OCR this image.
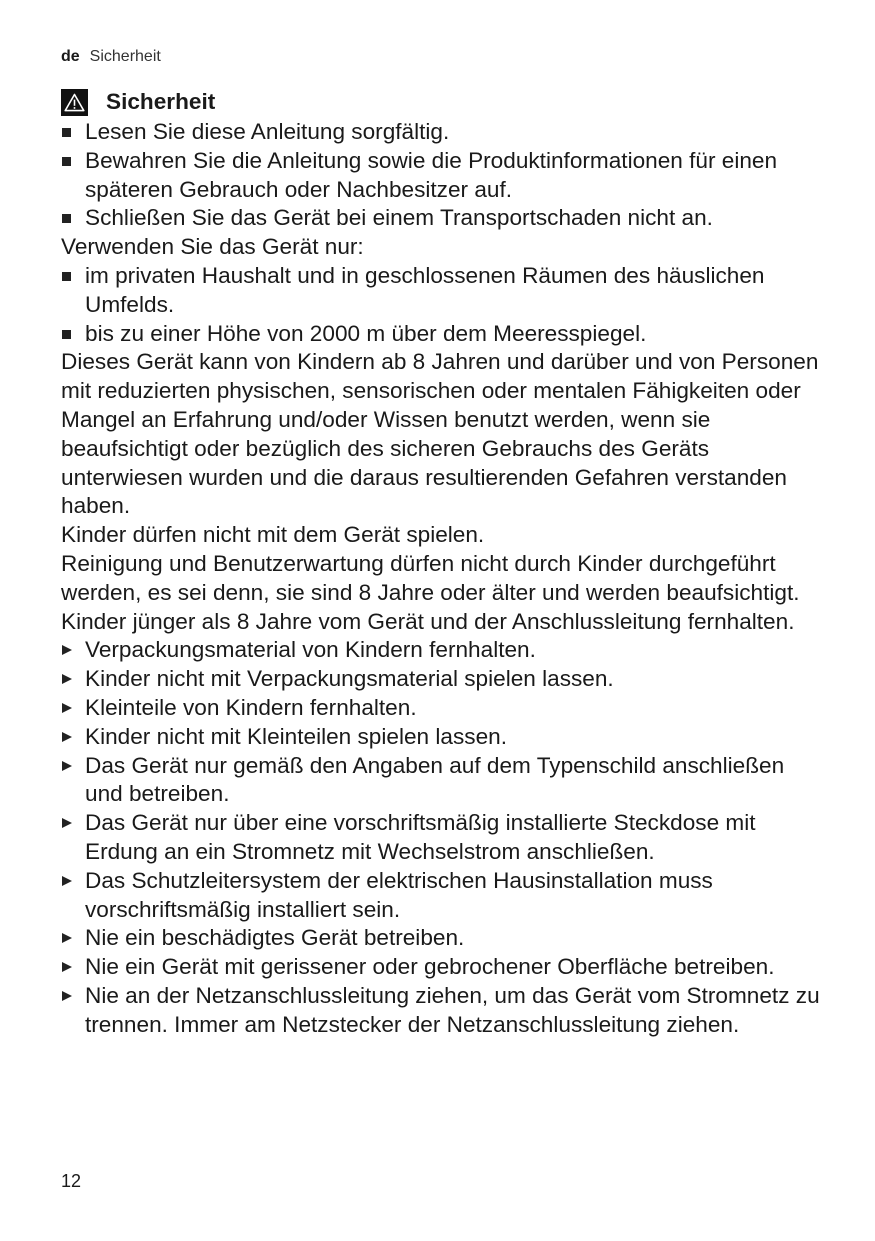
de Sicherheit
Sicherheit
Lesen Sie diese Anleitung sorgfältig.
Bewahren Sie die Anleitung sowie die Produktinformationen für einen späteren Gebrauch oder Nachbesitzer auf.
Schließen Sie das Gerät bei einem Transportschaden nicht an.

Verwenden Sie das Gerät nur:

im privaten Haushalt und in geschlossenen Räumen des häuslichen Umfelds.
bis zu einer Höhe von 2000 m über dem Meeresspiegel.

Dieses Gerät kann von Kindern ab 8 Jahren und darüber und von Personen mit reduzierten physischen, sensorischen oder mentalen Fähigkeiten oder Mangel an Erfahrung und/oder Wissen benutzt werden, wenn sie beaufsichtigt oder bezüglich des sicheren Gebrauchs des Geräts unterwiesen wurden und die daraus resultierenden Gefahren verstanden haben.

Kinder dürfen nicht mit dem Gerät spielen.

Reinigung und Benutzerwartung dürfen nicht durch Kinder durchgeführt werden, es sei denn, sie sind 8 Jahre oder älter und werden beaufsichtigt.

Kinder jünger als 8 Jahre vom Gerät und der Anschlussleitung fernhalten.

Verpackungsmaterial von Kindern fernhalten.
Kinder nicht mit Verpackungsmaterial spielen lassen.
Kleinteile von Kindern fernhalten.
Kinder nicht mit Kleinteilen spielen lassen.
Das Gerät nur gemäß den Angaben auf dem Typenschild anschließen und betreiben.
Das Gerät nur über eine vorschriftsmäßig installierte Steckdose mit Erdung an ein Stromnetz mit Wechselstrom anschließen.
Das Schutzleitersystem der elektrischen Hausinstallation muss vorschriftsmäßig installiert sein.
Nie ein beschädigtes Gerät betreiben.
Nie ein Gerät mit gerissener oder gebrochener Oberfläche betreiben.
Nie an der Netzanschlussleitung ziehen, um das Gerät vom Stromnetz zu trennen. Immer am Netzstecker der Netzanschlussleitung ziehen.
12
